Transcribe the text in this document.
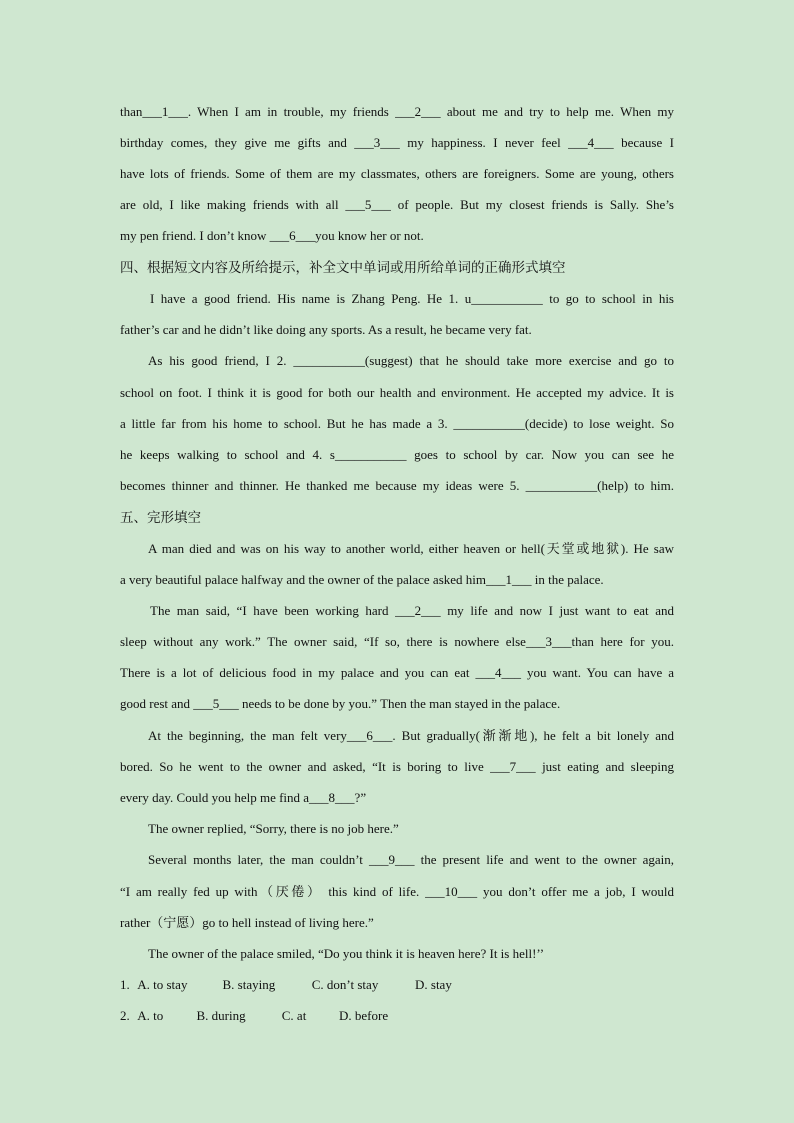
than___1___. When I am in trouble, my friends ___2___ about me and try to help me. When my
birthday comes, they give me gifts and ___3___ my happiness. I never feel ___4___ because I
have lots of friends. Some of them are my classmates, others are foreigners. Some are young, others
are old, I like making friends with all ___5___ of people. But my closest friends is Sally. She’s
my pen friend. I don’t know ___6___you know her or not.
四、根据短文内容及所给提示，补全文中单词或用所给单词的正确形式填空
I have a good friend. His name is Zhang Peng. He 1. u___________ to go to school in his
father’s car and he didn’t like doing any sports. As a result, he became very fat.
As his good friend, I 2. ___________(suggest) that he should take more exercise and go to
school on foot. I think it is good for both our health and environment. He accepted my advice. It is
a little far from his home to school. But he has made a 3. ___________(decide) to lose weight. So
he keeps walking to school and 4. s___________ goes to school by car. Now you can see he
becomes thinner and thinner. He thanked me because my ideas were 5. ___________(help) to him.
五、完形填空
A man died and was on his way to another world, either heaven or hell(天堂或地狱). He saw
a very beautiful palace halfway and the owner of the palace asked him___1___ in the palace.
The man said, “I have been working hard ___2___ my life and now I just want to eat and
sleep without any work.” The owner said, “If so, there is nowhere else___3___than here for you.
There is a lot of delicious food in my palace and you can eat ___4___ you want. You can have a
good rest and ___5___ needs to be done by you.” Then the man stayed in the palace.
At the beginning, the man felt very___6___. But gradually(渐渐地), he felt a bit lonely and
bored. So he went to the owner and asked, “It is boring to live ___7___ just eating and sleeping
every day. Could you help me find a___8___?”
The owner replied, “Sorry, there is no job here.”
Several months later, the man couldn’t ___9___ the present life and went to the owner again,
“I am really fed up with（厌倦） this kind of life. ___10___ you don’t offer me a job, I would
rather（宁愿）go to hell instead of living here.”
The owner of the palace smiled, “Do you think it is heaven here? It is hell!’’
1. A. to stay	B. staying	C. don’t stay	D. stay
2. A. to	B. during	C. at	D. before
